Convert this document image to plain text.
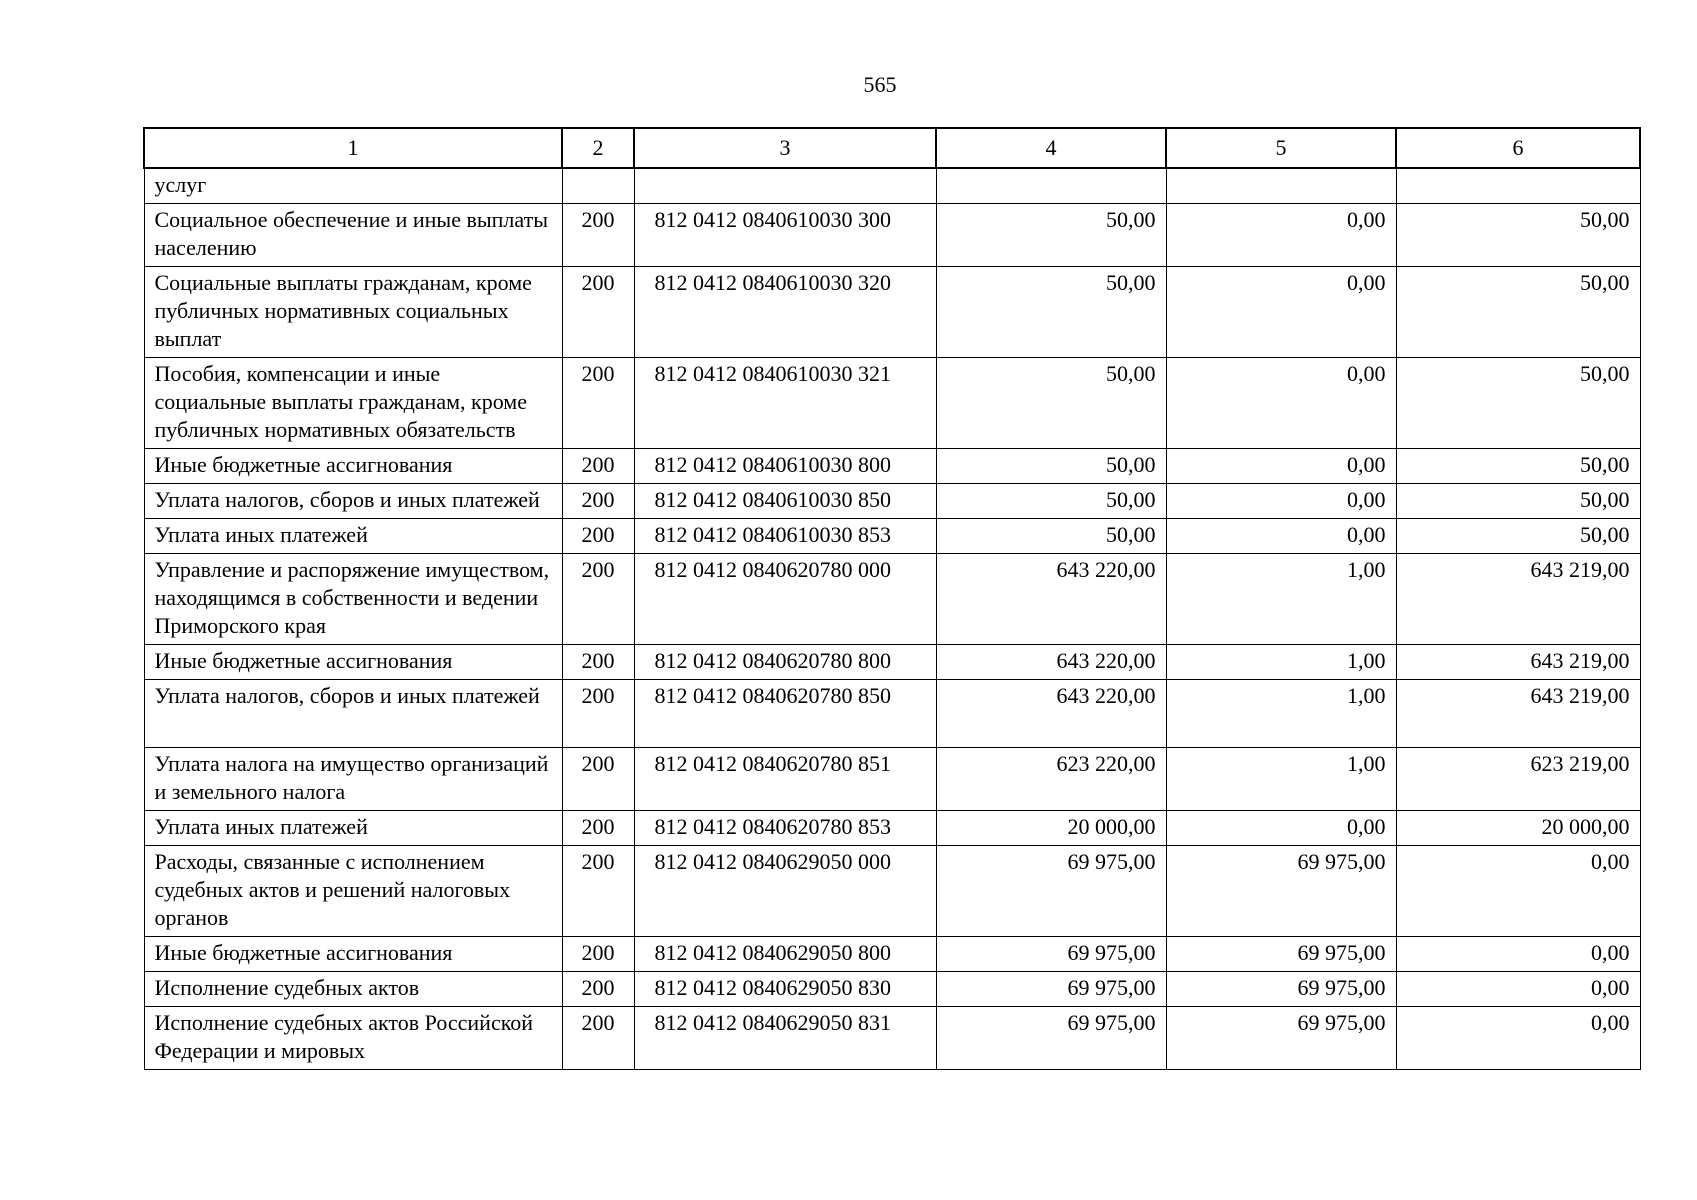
565
1	2	3	4	5	6
услуг					
Социальное обеспечение и иные выплаты населению	200	812 0412 0840610030 300	50,00	0,00	50,00
Социальные выплаты гражданам, кроме публичных нормативных социальных выплат	200	812 0412 0840610030 320	50,00	0,00	50,00
Пособия, компенсации и иные социальные выплаты гражданам, кроме публичных нормативных обязательств	200	812 0412 0840610030 321	50,00	0,00	50,00
Иные бюджетные ассигнования	200	812 0412 0840610030 800	50,00	0,00	50,00
Уплата налогов, сборов и иных платежей	200	812 0412 0840610030 850	50,00	0,00	50,00
Уплата иных платежей	200	812 0412 0840610030 853	50,00	0,00	50,00
Управление и распоряжение имуществом, находящимся в собственности и ведении Приморского края	200	812 0412 0840620780 000	643 220,00	1,00	643 219,00
Иные бюджетные ассигнования	200	812 0412 0840620780 800	643 220,00	1,00	643 219,00
Уплата налогов, сборов и иных платежей	200	812 0412 0840620780 850	643 220,00	1,00	643 219,00
Уплата налога на имущество организаций и земельного налога	200	812 0412 0840620780 851	623 220,00	1,00	623 219,00
Уплата иных платежей	200	812 0412 0840620780 853	20 000,00	0,00	20 000,00
Расходы, связанные с исполнением судебных актов и решений налоговых органов	200	812 0412 0840629050 000	69 975,00	69 975,00	0,00
Иные бюджетные ассигнования	200	812 0412 0840629050 800	69 975,00	69 975,00	0,00
Исполнение судебных актов	200	812 0412 0840629050 830	69 975,00	69 975,00	0,00
Исполнение судебных актов Российской Федерации и мировых	200	812 0412 0840629050 831	69 975,00	69 975,00	0,00
